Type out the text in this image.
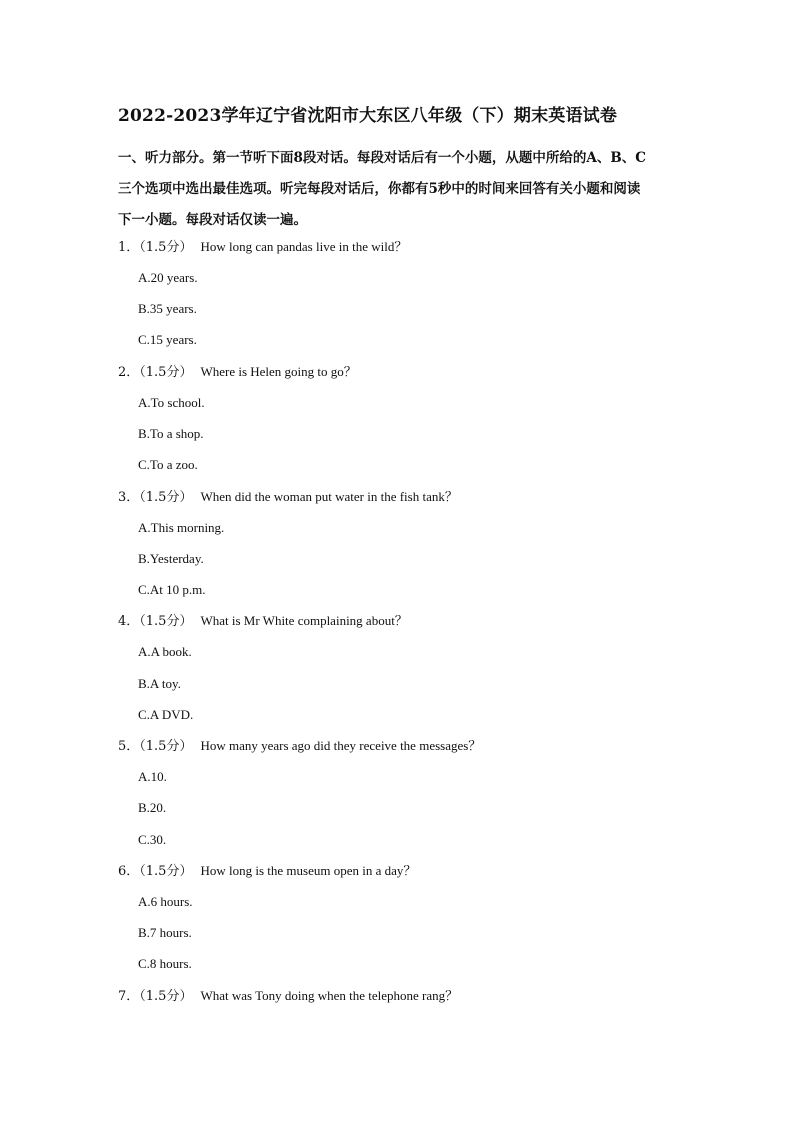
2022-2023学年辽宁省沈阳市大东区八年级（下）期末英语试卷
一、听力部分。第一节听下面8段对话。每段对话后有一个小题，从题中所给的A、B、C
三个选项中选出最佳选项。听完每段对话后，你都有5秒中的时间来回答有关小题和阅读
下一小题。每段对话仅读一遍。
1．（1.5分） How long can pandas live in the wild？
A.20 years.
B.35 years.
C.15 years.
2．（1.5分） Where is Helen going to go？
A.To school.
B.To a shop.
C.To a zoo.
3．（1.5分） When did the woman put water in the fish tank？
A.This morning.
B.Yesterday.
C.At 10 p.m.
4．（1.5分） What is Mr White complaining about？
A.A book.
B.A toy.
C.A DVD.
5．（1.5分） How many years ago did they receive the messages？
A.10.
B.20.
C.30.
6．（1.5分） How long is the museum open in a day？
A.6 hours.
B.7 hours.
C.8 hours.
7．（1.5分） What was Tony doing when the telephone rang？
